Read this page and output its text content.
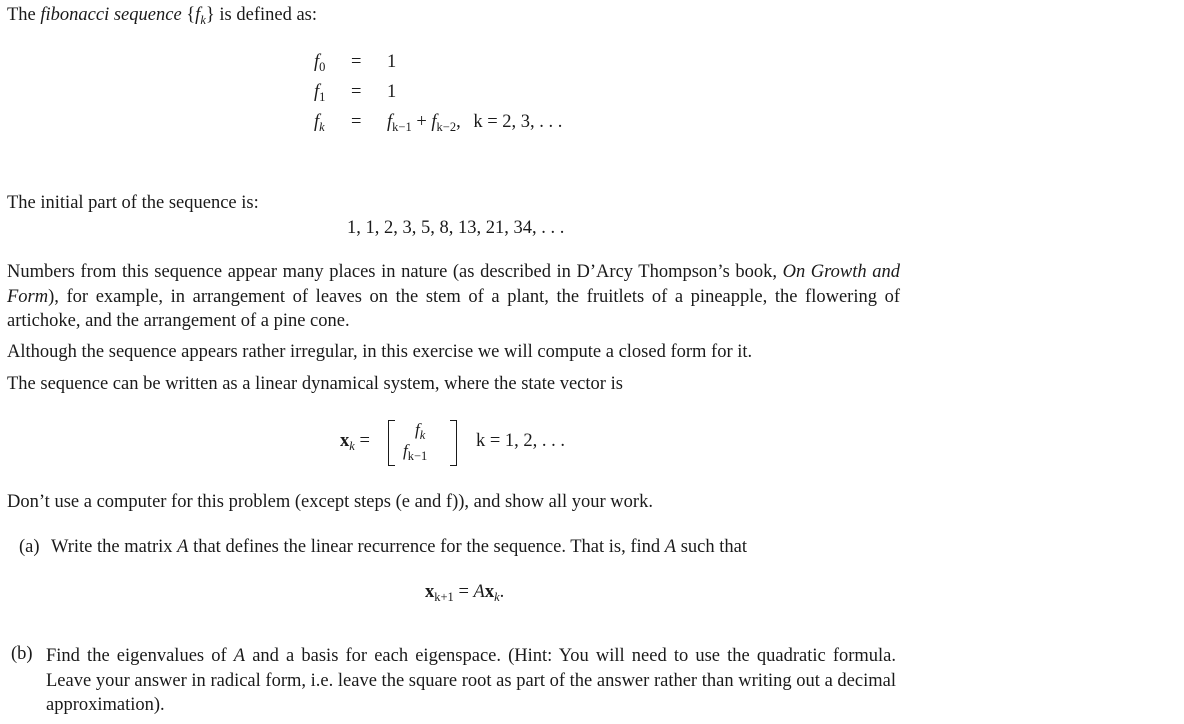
The fibonacci sequence $\{f_k\}$ is defined as:
$f_0 = 1$
$f_1 = 1$
$f_k = f_{k-1} + f_{k-2}$, k = 2, 3, . . .
The initial part of the sequence is:
1, 1, 2, 3, 5, 8, 13, 21, 34, . . .
Numbers from this sequence appear many places in nature (as described in D’Arcy Thompson’s book, On Growth and Form), for example, in arrangement of leaves on the stem of a plant, the fruitlets of a pineapple, the flowering of artichoke, and the arrangement of a pine cone.
Although the sequence appears rather irregular, in this exercise we will compute a closed form for it.
The sequence can be written as a linear dynamical system, where the state vector is
$x_k$ =
$f_k$
$f_{k-1}$
k = 1, 2, . . .
Don’t use a computer for this problem (except steps (e and f)), and show all your work.
(a) Write the matrix A that defines the linear recurrence for the sequence. That is, find A such that
$x_{k+1} = Ax_k$.
(b) Find the eigenvalues of A and a basis for each eigenspace. (Hint: You will need to use the quadratic formula. Leave your answer in radical form, i.e. leave the square root as part of the answer rather than writing out a decimal approximation).
